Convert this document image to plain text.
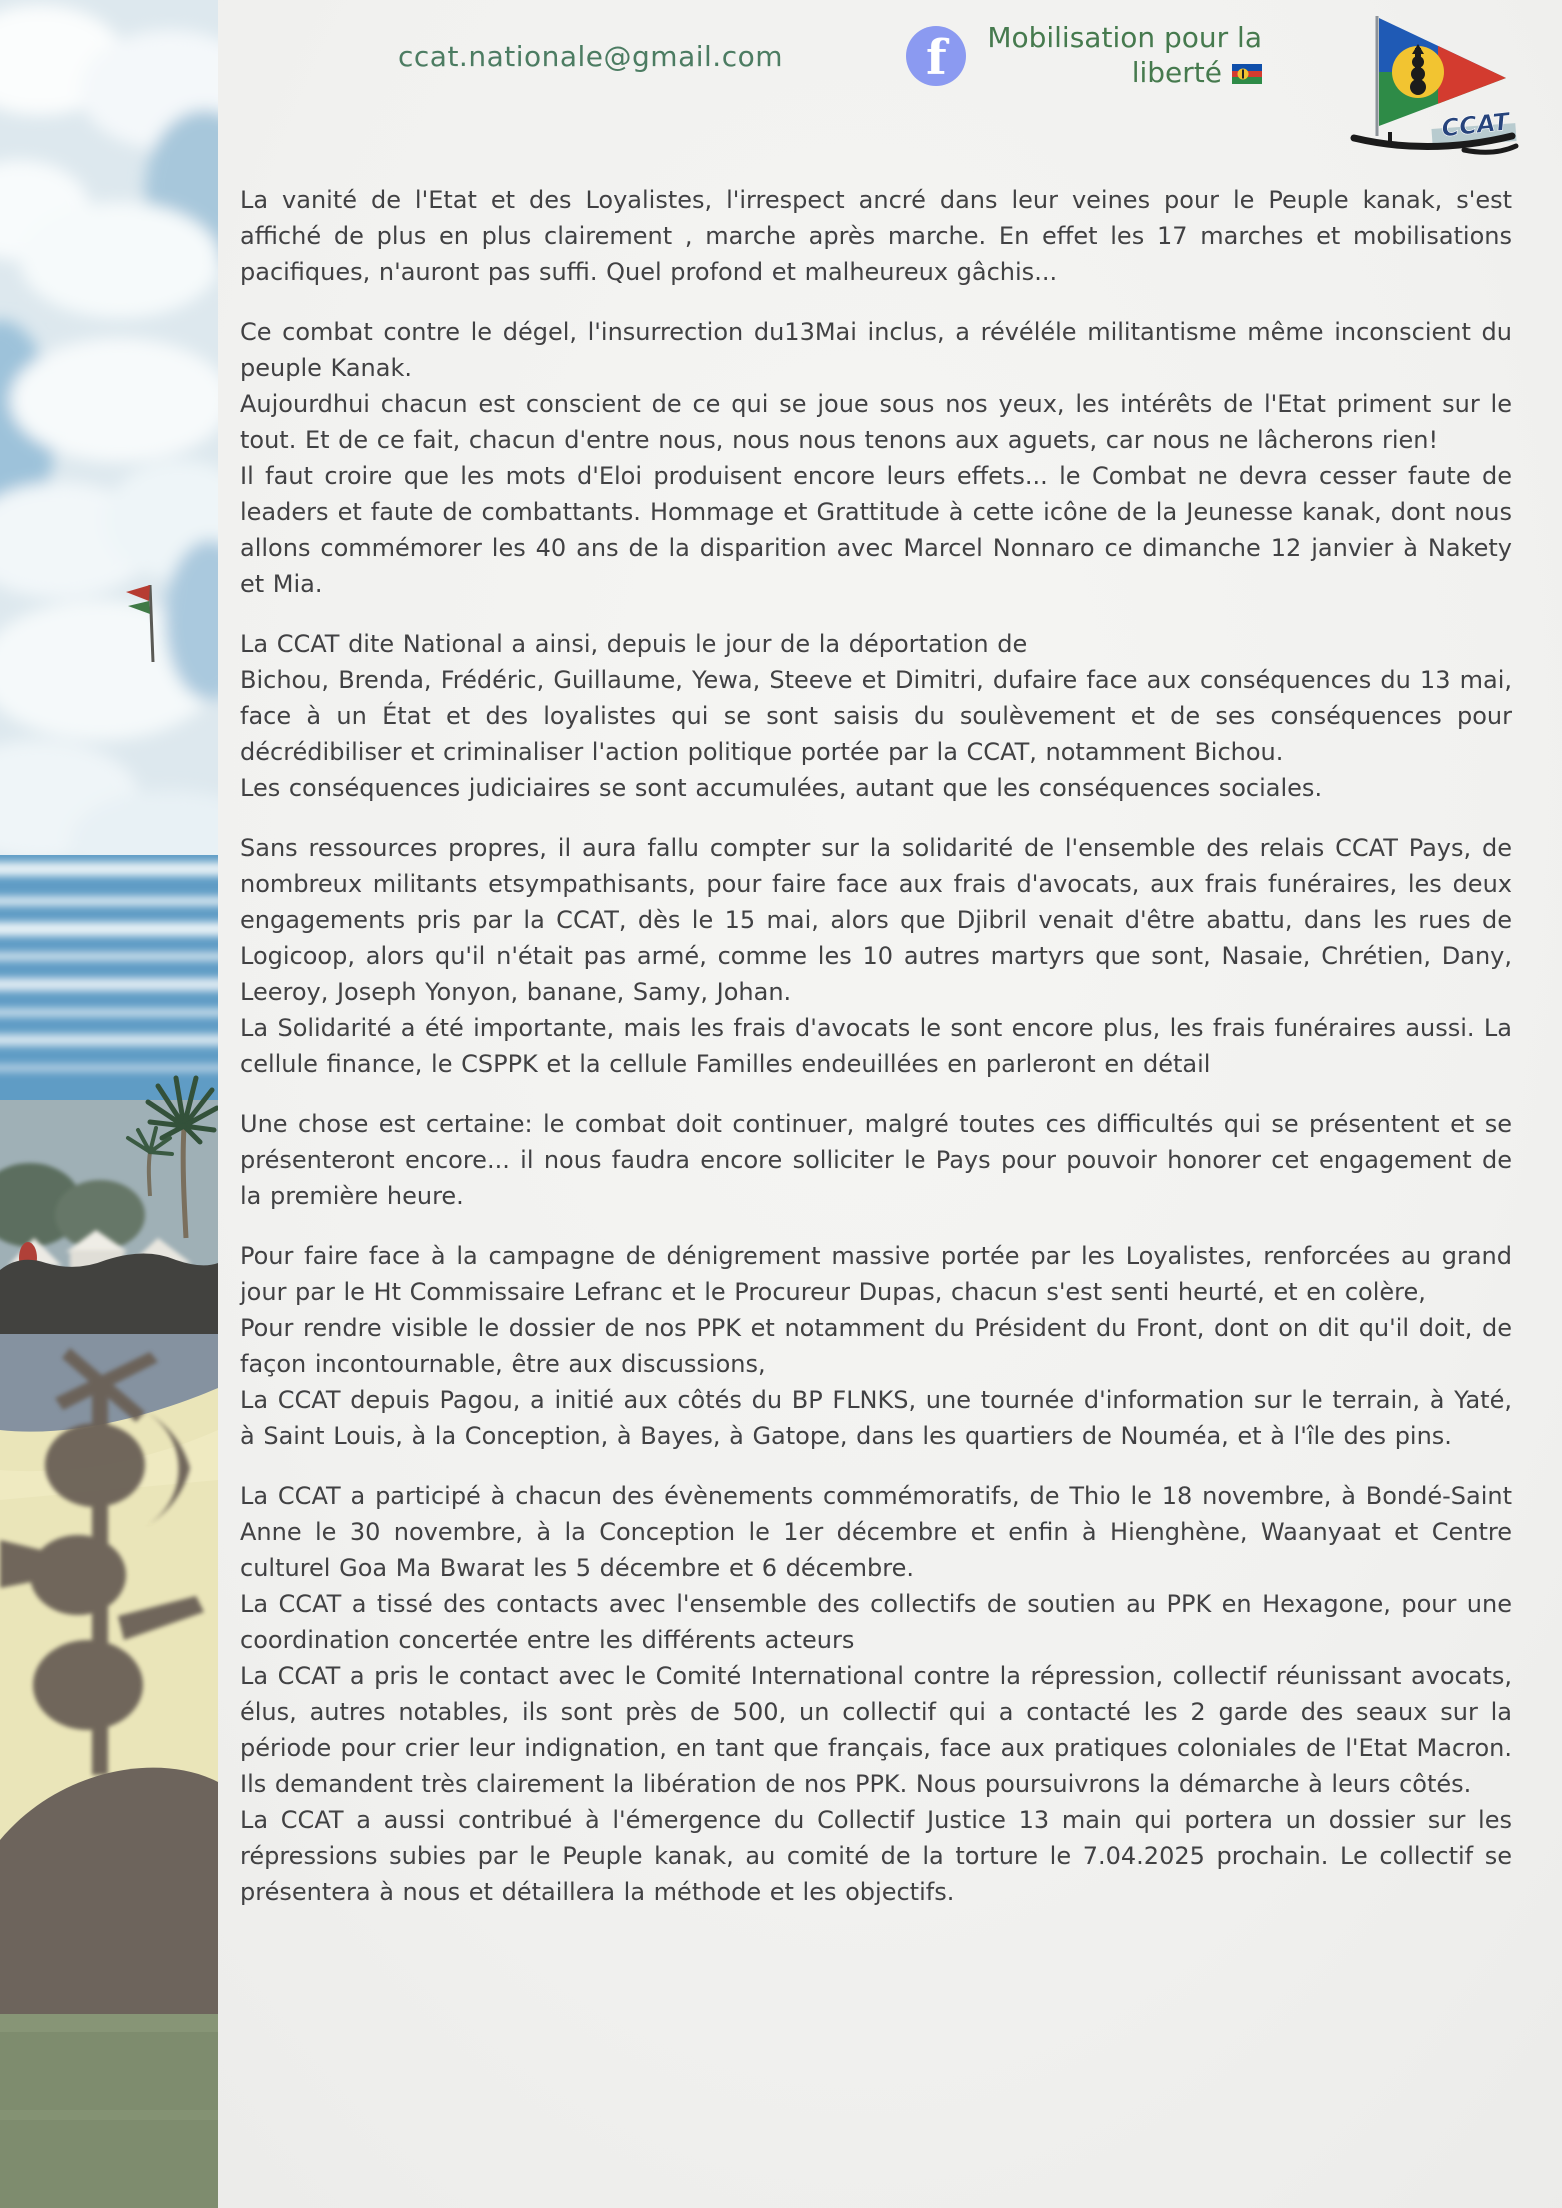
ccat.nationale@gmail.com	f	Mobilisation pour la
liberté
CCAT

La vanité de l'Etat et des Loyalistes, l'irrespect ancré dans leur veines pour le Peuple kanak, s'est affiché de plus en plus clairement , marche après marche. En effet les 17 marches et mobilisations pacifiques, n'auront pas suffi. Quel profond et malheureux gâchis...

Ce combat contre le dégel, l'insurrection du13Mai inclus, a révéléle militantisme même inconscient du peuple Kanak.
Aujourdhui chacun est conscient de ce qui se joue sous nos yeux, les intérêts de l'Etat priment sur le tout. Et de ce fait, chacun d'entre nous, nous nous tenons aux aguets, car nous ne lâcherons rien!
Il faut croire que les mots d'Eloi produisent encore leurs effets... le Combat ne devra cesser faute de leaders et faute de combattants. Hommage et Grattitude à cette icône de la Jeunesse kanak, dont nous allons commémorer les 40 ans de la disparition avec Marcel Nonnaro ce dimanche 12 janvier à Nakety et Mia.

La CCAT dite National a ainsi, depuis le jour de la déportation de
Bichou, Brenda, Frédéric, Guillaume, Yewa, Steeve et Dimitri, dufaire face aux conséquences du 13 mai, face à un État et des loyalistes qui se sont saisis du soulèvement et de ses conséquences pour décrédibiliser et criminaliser l'action politique portée par la CCAT, notamment Bichou.
Les conséquences judiciaires se sont accumulées, autant que les conséquences sociales.

Sans ressources propres, il aura fallu compter sur la solidarité de l'ensemble des relais CCAT Pays, de nombreux militants etsympathisants, pour faire face aux frais d'avocats, aux frais funéraires, les deux engagements pris par la CCAT, dès le 15 mai, alors que Djibril venait d'être abattu, dans les rues de Logicoop, alors qu'il n'était pas armé, comme les 10 autres martyrs que sont, Nasaie, Chrétien, Dany, Leeroy, Joseph Yonyon, banane, Samy, Johan.
La Solidarité a été importante, mais les frais d'avocats le sont encore plus, les frais funéraires aussi. La cellule finance, le CSPPK et la cellule Familles endeuillées en parleront en détail

Une chose est certaine: le combat doit continuer, malgré toutes ces difficultés qui se présentent et se présenteront encore... il nous faudra encore solliciter le Pays pour pouvoir honorer cet engagement de la première heure.

Pour faire face à la campagne de dénigrement massive portée par les Loyalistes, renforcées au grand jour par le Ht Commissaire Lefranc et le Procureur Dupas, chacun s'est senti heurté, et en colère,
Pour rendre visible le dossier de nos PPK et notamment du Président du Front, dont on dit qu'il doit, de façon incontournable, être aux discussions,
La CCAT depuis Pagou, a initié aux côtés du BP FLNKS, une tournée d'information sur le terrain, à Yaté, à Saint Louis, à la Conception, à Bayes, à Gatope, dans les quartiers de Nouméa, et à l'île des pins.

La CCAT a participé à chacun des évènements commémoratifs, de Thio le 18 novembre, à Bondé-Saint Anne le 30 novembre, à la Conception le 1er décembre et enfin à Hienghène, Waanyaat et Centre culturel Goa Ma Bwarat les 5 décembre et 6 décembre.
La CCAT a tissé des contacts avec l'ensemble des collectifs de soutien au PPK en Hexagone, pour une coordination concertée entre les différents acteurs
La CCAT a pris le contact avec le Comité International contre la répression, collectif réunissant avocats, élus, autres notables, ils sont près de 500, un collectif qui a contacté les 2 garde des seaux sur la période pour crier leur indignation, en tant que français, face aux pratiques coloniales de l'Etat Macron. Ils demandent très clairement la libération de nos PPK. Nous poursuivrons la démarche à leurs côtés.
La CCAT a aussi contribué à l'émergence du Collectif Justice 13 main qui portera un dossier sur les répressions subies par le Peuple kanak, au comité de la torture le 7.04.2025 prochain. Le collectif se présentera à nous et détaillera la méthode et les objectifs.
